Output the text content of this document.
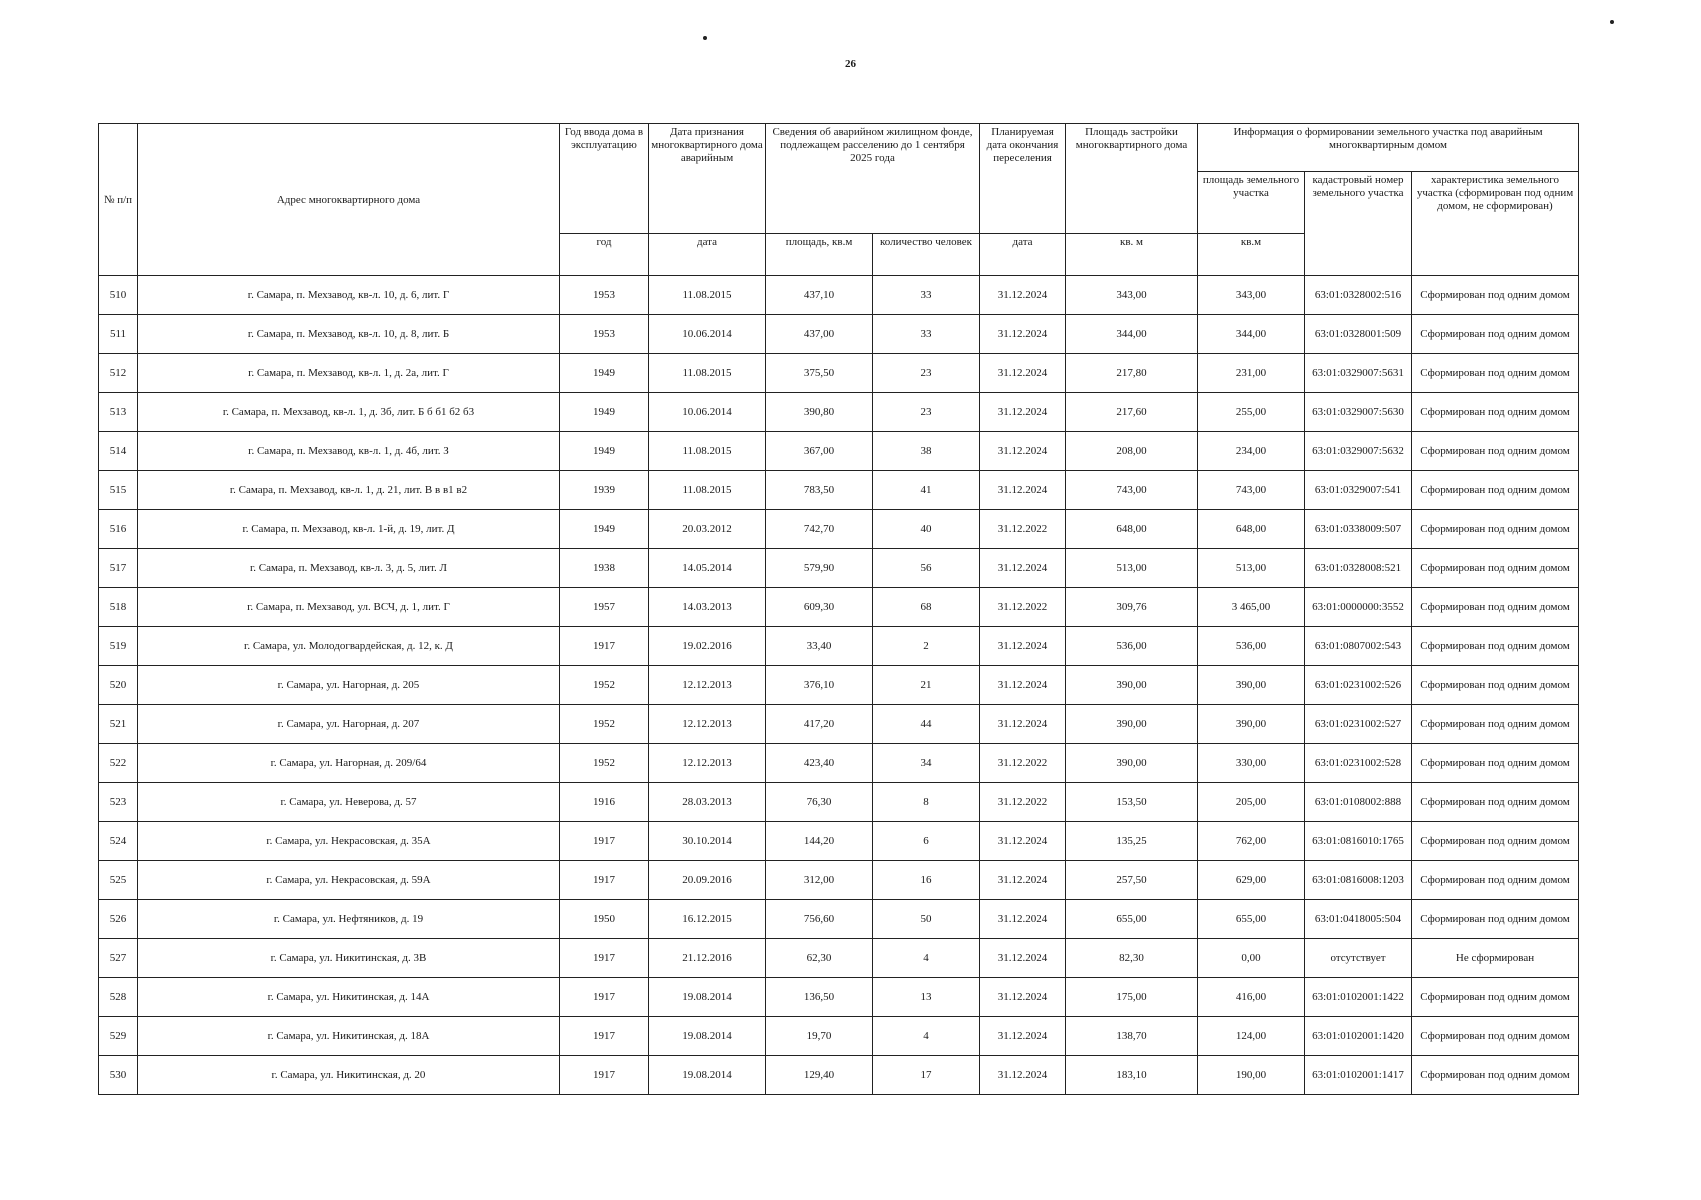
26
№ п/п	Адрес многоквартирного дома	Год ввода дома в эксплуатацию	Дата признания многоквартирного дома аварийным	Сведения об аварийном жилищном фонде, подлежащем расселению до 1 сентября 2025 года		Планируемая дата окончания переселения	Площадь застройки многоквартирного дома	Информация о формировании земельного участка под аварийным многоквартирным домом		
								площадь земельного участка	кадастровый номер земельного участка	характеристика земельного участка (сформирован под одним домом, не сформирован)
		год	дата	площадь, кв.м	количество человек	дата	кв. м	кв.м		
510	г. Самара, п. Мехзавод, кв-л. 10, д. 6, лит. Г	1953	11.08.2015	437,10	33	31.12.2024	343,00	343,00	63:01:0328002:516	Сформирован под одним домом
511	г. Самара, п. Мехзавод, кв-л. 10, д. 8, лит. Б	1953	10.06.2014	437,00	33	31.12.2024	344,00	344,00	63:01:0328001:509	Сформирован под одним домом
512	г. Самара, п. Мехзавод, кв-л. 1, д. 2а, лит. Г	1949	11.08.2015	375,50	23	31.12.2024	217,80	231,00	63:01:0329007:5631	Сформирован под одним домом
513	г. Самара, п. Мехзавод, кв-л. 1, д. 3б, лит. Б б б1 б2 б3	1949	10.06.2014	390,80	23	31.12.2024	217,60	255,00	63:01:0329007:5630	Сформирован под одним домом
514	г. Самара, п. Мехзавод, кв-л. 1, д. 4б, лит. З	1949	11.08.2015	367,00	38	31.12.2024	208,00	234,00	63:01:0329007:5632	Сформирован под одним домом
515	г. Самара, п. Мехзавод, кв-л. 1, д. 21, лит. В в в1 в2	1939	11.08.2015	783,50	41	31.12.2024	743,00	743,00	63:01:0329007:541	Сформирован под одним домом
516	г. Самара, п. Мехзавод, кв-л. 1-й, д. 19, лит. Д	1949	20.03.2012	742,70	40	31.12.2022	648,00	648,00	63:01:0338009:507	Сформирован под одним домом
517	г. Самара, п. Мехзавод, кв-л. 3, д. 5, лит. Л	1938	14.05.2014	579,90	56	31.12.2024	513,00	513,00	63:01:0328008:521	Сформирован под одним домом
518	г. Самара, п. Мехзавод, ул. ВСЧ, д. 1, лит. Г	1957	14.03.2013	609,30	68	31.12.2022	309,76	3 465,00	63:01:0000000:3552	Сформирован под одним домом
519	г. Самара, ул. Молодогвардейская, д. 12, к. Д	1917	19.02.2016	33,40	2	31.12.2024	536,00	536,00	63:01:0807002:543	Сформирован под одним домом
520	г. Самара, ул. Нагорная, д. 205	1952	12.12.2013	376,10	21	31.12.2024	390,00	390,00	63:01:0231002:526	Сформирован под одним домом
521	г. Самара, ул. Нагорная, д. 207	1952	12.12.2013	417,20	44	31.12.2024	390,00	390,00	63:01:0231002:527	Сформирован под одним домом
522	г. Самара, ул. Нагорная, д. 209/64	1952	12.12.2013	423,40	34	31.12.2022	390,00	330,00	63:01:0231002:528	Сформирован под одним домом
523	г. Самара, ул. Неверова, д. 57	1916	28.03.2013	76,30	8	31.12.2022	153,50	205,00	63:01:0108002:888	Сформирован под одним домом
524	г. Самара, ул. Некрасовская, д. 35А	1917	30.10.2014	144,20	6	31.12.2024	135,25	762,00	63:01:0816010:1765	Сформирован под одним домом
525	г. Самара, ул. Некрасовская, д. 59А	1917	20.09.2016	312,00	16	31.12.2024	257,50	629,00	63:01:0816008:1203	Сформирован под одним домом
526	г. Самара, ул. Нефтяников, д. 19	1950	16.12.2015	756,60	50	31.12.2024	655,00	655,00	63:01:0418005:504	Сформирован под одним домом
527	г. Самара, ул. Никитинская, д. 3В	1917	21.12.2016	62,30	4	31.12.2024	82,30	0,00	отсутствует	Не сформирован
528	г. Самара, ул. Никитинская, д. 14А	1917	19.08.2014	136,50	13	31.12.2024	175,00	416,00	63:01:0102001:1422	Сформирован под одним домом
529	г. Самара, ул. Никитинская, д. 18А	1917	19.08.2014	19,70	4	31.12.2024	138,70	124,00	63:01:0102001:1420	Сформирован под одним домом
530	г. Самара, ул. Никитинская, д. 20	1917	19.08.2014	129,40	17	31.12.2024	183,10	190,00	63:01:0102001:1417	Сформирован под одним домом
